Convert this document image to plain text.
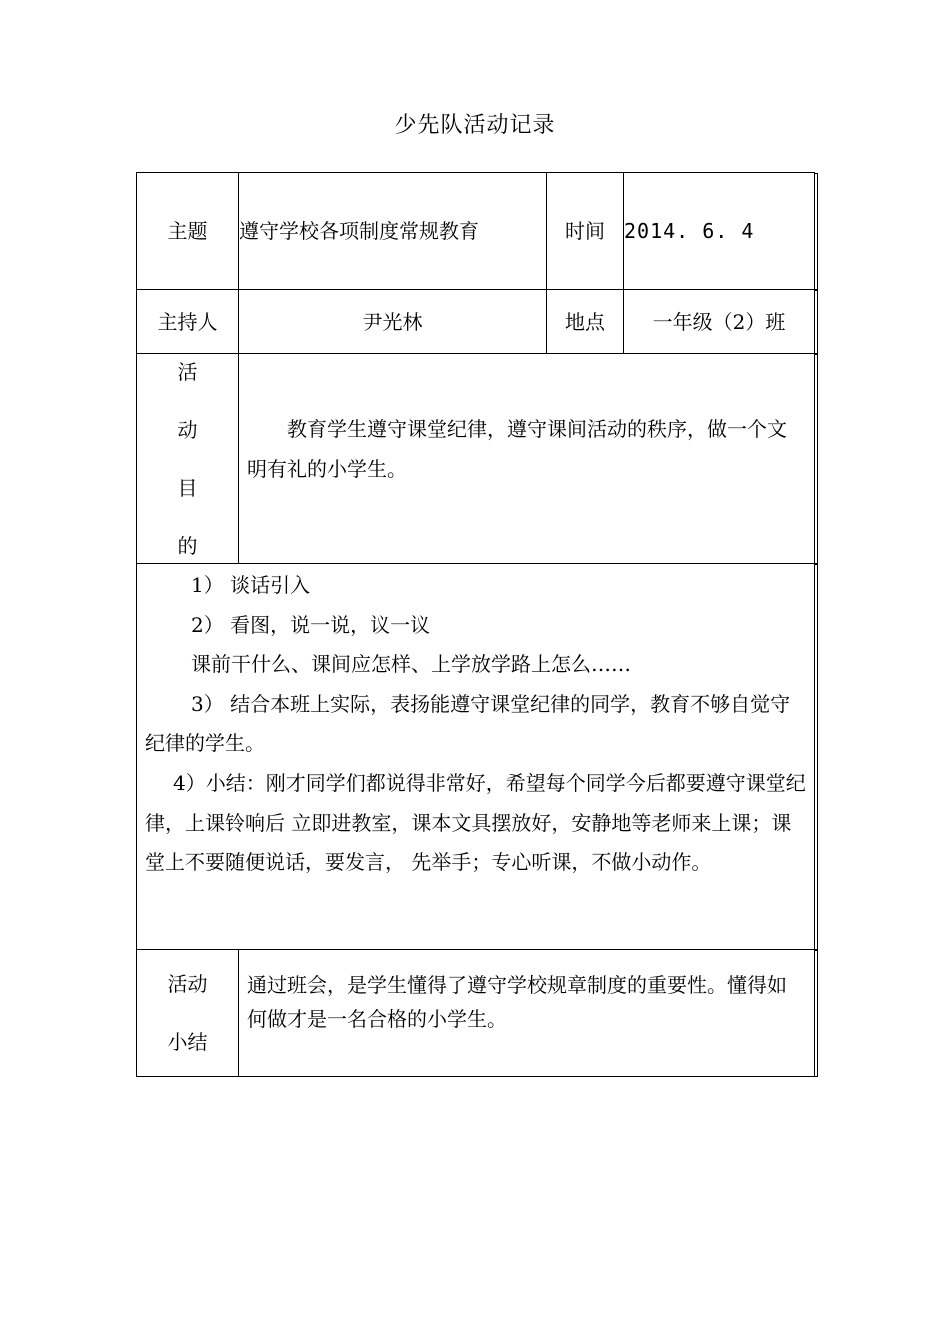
少先队活动记录
主题	遵守学校各项制度常规教育	时间	2014. 6. 4
主持人	尹光林	地点	一年级（2）班

活
动
目
的	教育学生遵守课堂纪律，遵守课间活动的秩序，做一个文明有礼的小学生。		

1） 谈话引入

2） 看图，说一说，议一议

课前干什么、课间应怎样、上学放学路上怎么……

3） 结合本班上实际，表扬能遵守课堂纪律的同学，教育不够自觉守纪律的学生。

4）小结：刚才同学们都说得非常好，希望每个同学今后都要遵守课堂纪律，上课铃响后 立即进教室，课本文具摆放好，安静地等老师来上课；课堂上不要随便说话，要发言， 先举手；专心听课，不做小动作。			

活动
小结	通过班会，是学生懂得了遵守学校规章制度的重要性。懂得如何做才是一名合格的小学生。		
